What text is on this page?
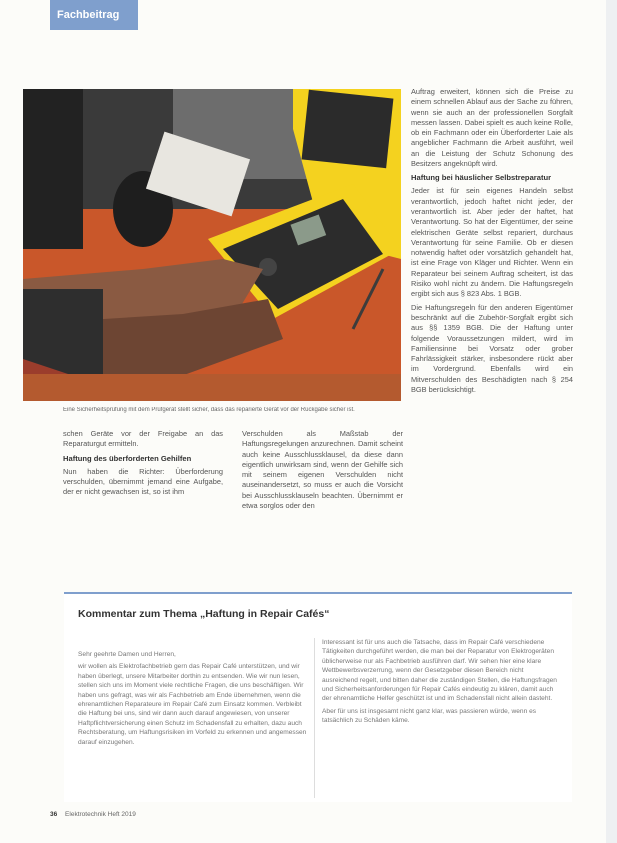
Fachbeitrag
Eine Sicherheitsprüfung mit dem Prüfgerät stellt sicher, dass das reparierte Gerät vor der Rückgabe sicher ist.

schen Geräte vor der Freigabe an das Reparaturgut ermitteln.

Haftung des überforderten Gehilfen

Nun haben die Richter: Überforderung verschulden, übernimmt jemand eine Aufgabe, der er nicht gewachsen ist, so ist ihm

Verschulden als Maßstab der Haftungsregelungen anzurechnen. Damit scheint auch keine Ausschlussklausel, da diese dann eigentlich unwirksam sind, wenn der Gehilfe sich mit seinem eigenen Verschulden nicht auseinandersetzt, so muss er auch die Vorsicht bei Ausschlussklauseln beachten. Übernimmt er etwa sorglos oder den

Auftrag erweitert, können sich die Preise zu einem schnellen Ablauf aus der Sache zu führen, wenn sie auch an der professionellen Sorgfalt messen lassen. Dabei spielt es auch keine Rolle, ob ein Fachmann oder ein Überforderter Laie als angeblicher Fachmann die Arbeit ausführt, weil an die Leistung der Schutz Schonung des Besitzers angeknüpft wird.

Haftung bei häuslicher Selbstreparatur

Jeder ist für sein eigenes Handeln selbst verantwortlich, jedoch haftet nicht jeder, der verantwortlich ist. Aber jeder der haftet, hat Verantwortung. So hat der Eigentümer, der seine elektrischen Geräte selbst repariert, durchaus Verantwortung für seine Familie. Ob er diesen notwendig haftet oder vorsätzlich gehandelt hat, ist eine Frage von Kläger und Richter. Wenn ein Reparateur bei seinem Auftrag scheitert, ist das Risiko wohl nicht zu ändern. Die Haftungsregeln ergibt sich aus § 823 Abs. 1 BGB.

Die Haftungsregeln für den anderen Eigentümer beschränkt auf die Zubehör-Sorgfalt ergibt sich aus §§ 1359 BGB. Die der Haftung unter folgende Voraussetzungen mildert, wird im Familiensinne bei Vorsatz oder grober Fahrlässigkeit stärker, insbesondere rückt aber im Vordergrund. Ebenfalls wird ein Mitverschulden des Beschädigten nach § 254 BGB berücksichtigt.

Kommentar zum Thema „Haftung in Repair Cafés“

Sehr geehrte Damen und Herren,

wir wollen als Elektrofachbetrieb gern das Repair Café unterstützen, und wir haben überlegt, unsere Mitarbeiter dorthin zu entsenden. Wie wir nun lesen, stellen sich uns im Moment viele rechtliche Fragen, die uns beschäftigen. Wir haben uns gefragt, was wir als Fachbetrieb am Ende übernehmen, wenn die ehrenamtlichen Reparateure im Repair Café zum Einsatz kommen. Verbleibt die Haftung bei uns, sind wir dann auch darauf angewiesen, von unserer Haftpflichtversicherung einen Schutz im Schadensfall zu erhalten, dazu auch Rechtsberatung, um Haftungsrisiken im Vorfeld zu erkennen und angemessen darauf einzugehen.

Interessant ist für uns auch die Tatsache, dass im Repair Café verschiedene Tätigkeiten durchgeführt werden, die man bei der Reparatur von Elektrogeräten üblicherweise nur als Fachbetrieb ausführen darf. Wir sehen hier eine klare Wettbewerbsverzerrung, wenn der Gesetzgeber diesen Bereich nicht ausreichend regelt, und bitten daher die zuständigen Stellen, die Haftungsfragen und Sicherheitsanforderungen für Repair Cafés eindeutig zu klären, damit auch der ehrenamtliche Helfer geschützt ist und im Schadensfall nicht allein dasteht.

Aber für uns ist insgesamt nicht ganz klar, was passieren würde, wenn es tatsächlich zu Schäden käme.

36 Elektrotechnik Heft 2019
